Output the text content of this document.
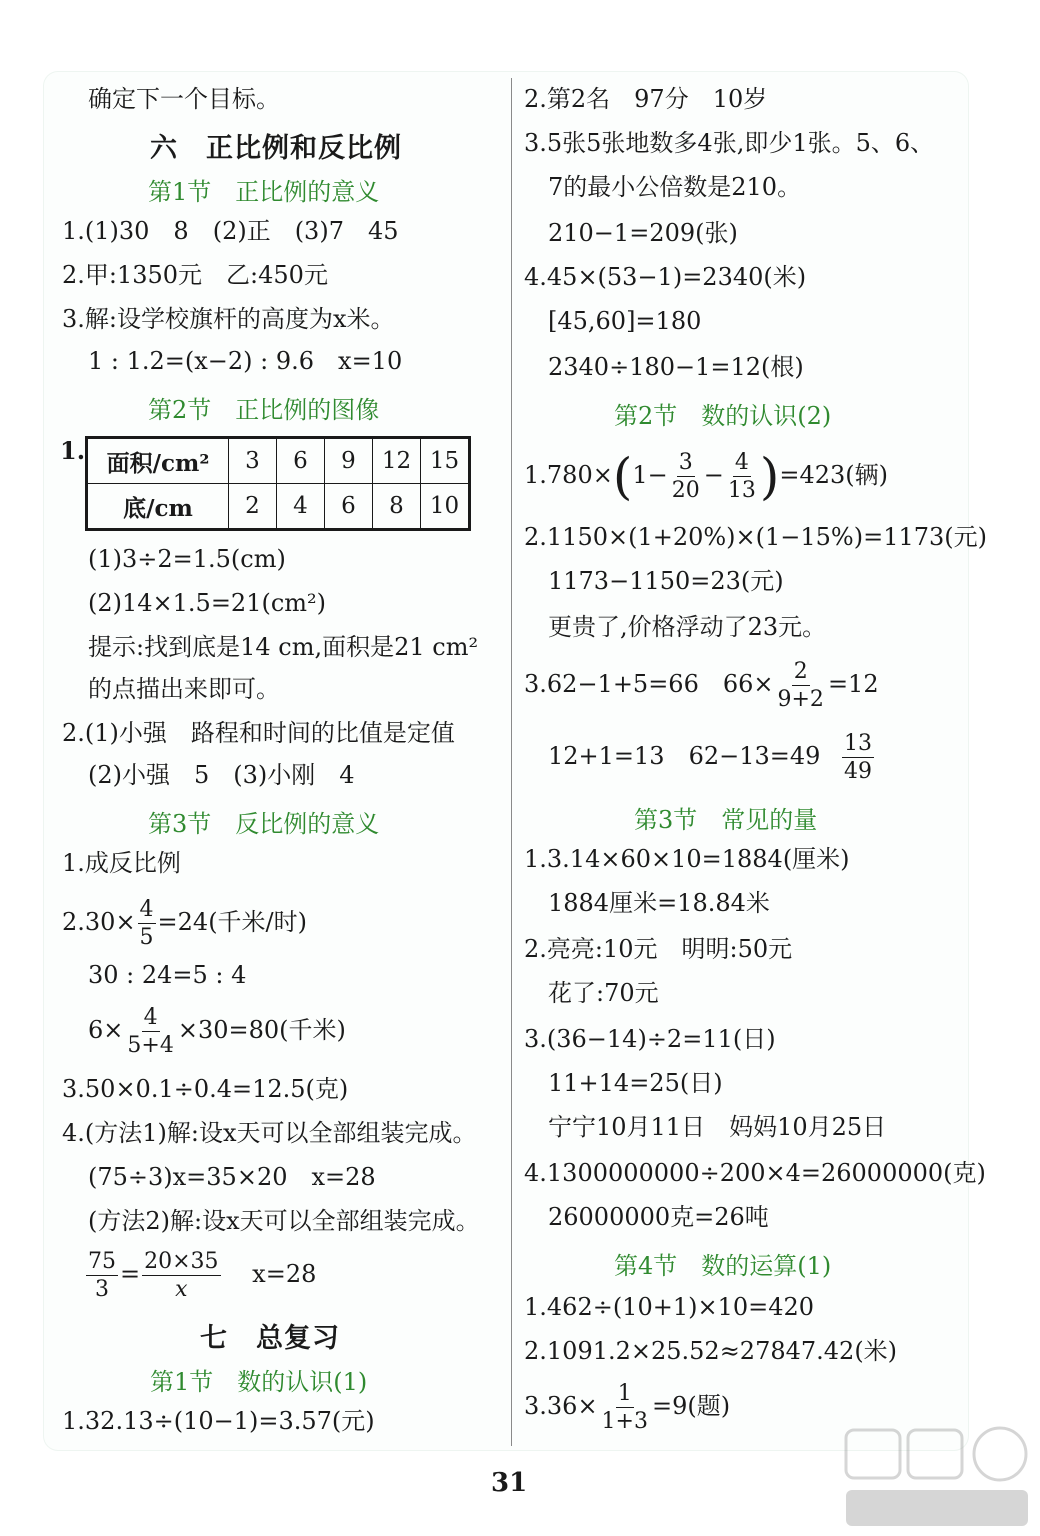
确定下一个目标。
六　正比例和反比例
第1节　正比例的意义
1.(1)30　8　(2)正　(3)7　45
2.甲:1350元　乙:450元
3.解:设学校旗杆的高度为x米。
1 : 1.2=(x−2) : 9.6　x=10
第2节　正比例的图像
1. 面积/cm²	3	6	9	12	15
底/cm	2	4	6	8	10
(1)3÷2=1.5(cm)
(2)14×1.5=21(cm²)
提示:找到底是14 cm,面积是21 cm²
的点描出来即可。
2.(1)小强　路程和时间的比值是定值
(2)小强　5　(3)小刚　4
第3节　反比例的意义
1.成反比例
$2.30\times \frac{4}{5} =24$(千米/时)
30 : 24=5 : 4
$6\times \frac{4}{5+4} \times 30=80$(千米)
3.50×0.1÷0.4=12.5(克)
4.(方法1)解:设x天可以全部组装完成。
(75÷3)x=35×20　x=28
(方法2)解:设x天可以全部组装完成。
$\frac{75}{3} = \frac{20\times 35}{x} x=28$
七　总复习
第1节　数的认识(1)
1.32.13÷(10−1)=3.57(元)
2.第2名　97分　10岁
3.5张5张地数多4张,即少1张。5、6、
7的最小公倍数是210。
210−1=209(张)
4.45×(53−1)=2340(米)
[45,60]=180
2340÷180−1=12(根)
第2节　数的认识(2)
$1.780\times(1- \frac{3}{20} - \frac{4}{13} )=423$(辆)
2.1150×(1+20%)×(1−15%)=1173(元)
1173−1150=23(元)
更贵了,价格浮动了23元。
3.62−1+5=66　$66\times \frac{2}{9+2} =12$
12+1=13　$62-13=49 \frac{13}{49}$
第3节　常见的量
1.3.14×60×10=1884(厘米)
1884厘米=18.84米
2.亮亮:10元　明明:50元
花了:70元
3.(36−14)÷2=11(日)
11+14=25(日)
宁宁10月11日　妈妈10月25日
4.1300000000÷200×4=26000000(克)
26000000克=26吨
第4节　数的运算(1)
1.462÷(10+1)×10=420
2.1091.2×25.52≈27847.42(米)
$3.36\times \frac{1}{1+3} =9$(题)
31
